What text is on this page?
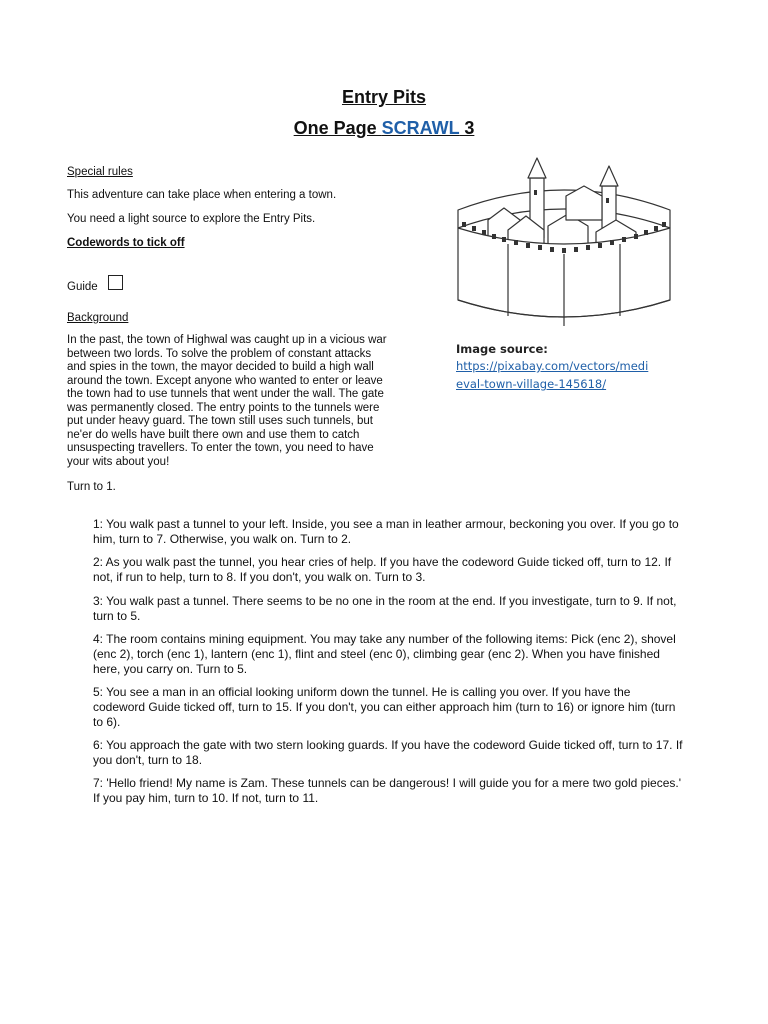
Entry Pits
One Page SCRAWL 3
Special rules
This adventure can take place when entering a town.
You need a light source to explore the Entry Pits.
Codewords to tick off
Guide
Background
In the past, the town of Highwal was caught up in a vicious war between two lords. To solve the problem of constant attacks and spies in the town, the mayor decided to build a high wall around the town. Except anyone who wanted to enter or leave the town had to use tunnels that went under the wall. The gate was permanently closed. The entry points to the tunnels were put under heavy guard. The town still uses such tunnels, but ne'er do wells have built there own and use them to catch unsuspecting travellers. To enter the town, you need to have your wits about you!
Turn to 1.
Image source:
https://pixabay.com/vectors/medi
eval-town-village-145618/
1: You walk past a tunnel to your left. Inside, you see a man in leather armour, beckoning you over. If you go to him, turn to 7. Otherwise, you walk on. Turn to 2.
2: As you walk past the tunnel, you hear cries of help. If you have the codeword Guide ticked off, turn to 12. If not, if run to help, turn to 8. If you don't, you walk on. Turn to 3.
3: You walk past a tunnel. There seems to be no one in the room at the end. If you investigate, turn to 9. If not, turn to 5.
4: The room contains mining equipment. You may take any number of the following items: Pick (enc 2), shovel (enc 2), torch (enc 1), lantern (enc 1), flint and steel (enc 0), climbing gear (enc 2). When you have finished here, you carry on. Turn to 5.
5: You see a man in an official looking uniform down the tunnel. He is calling you over. If you have the codeword Guide ticked off, turn to 15. If you don't, you can either approach him (turn to 16) or ignore him (turn to 6).
6: You approach the gate with two stern looking guards. If you have the codeword Guide ticked off, turn to 17. If you don't, turn to 18.
7: 'Hello friend! My name is Zam. These tunnels can be dangerous! I will guide you for a mere two gold pieces.' If you pay him, turn to 10. If not, turn to 11.
